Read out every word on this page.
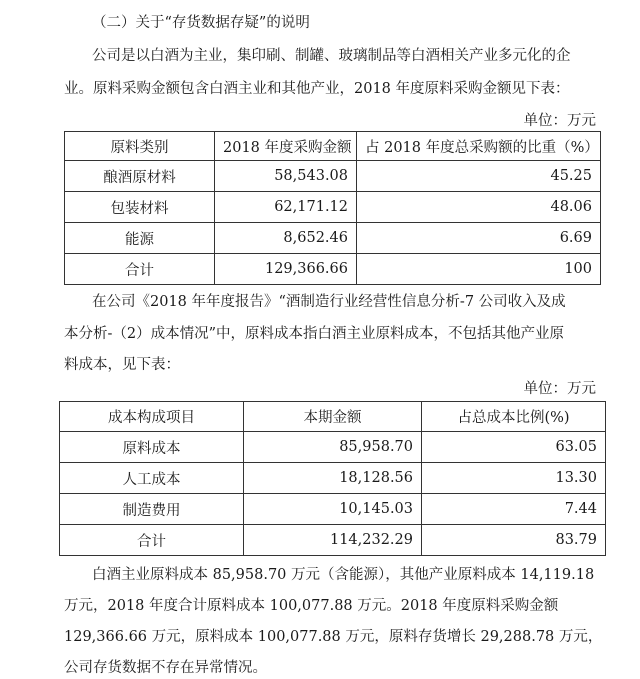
（二）关于“存货数据存疑”的说明
公司是以白酒为主业，集印刷、制罐、玻璃制品等白酒相关产业多元化的企
业。原料采购金额包含白酒主业和其他产业，2018 年度原料采购金额见下表：
单位：万元
原料类别	2018 年度采购金额	占 2018 年度总采购额的比重（%）
酿酒原材料	58,543.08	45.25
包装材料	62,171.12	48.06
能源	8,652.46	6.69
合计	129,366.66	100
在公司《2018 年年度报告》“酒制造行业经营性信息分析-7 公司收入及成
本分析-（2）成本情况”中，原料成本指白酒主业原料成本，不包括其他产业原
料成本，见下表：
单位：万元
成本构成项目	本期金额	占总成本比例(%)
原料成本	85,958.70	63.05
人工成本	18,128.56	13.30
制造费用	10,145.03	7.44
合计	114,232.29	83.79
白酒主业原料成本 85,958.70 万元（含能源），其他产业原料成本 14,119.18
万元，2018 年度合计原料成本 100,077.88 万元。2018 年度原料采购金额
129,366.66 万元，原料成本 100,077.88 万元，原料存货增长 29,288.78 万元，
公司存货数据不存在异常情况。
